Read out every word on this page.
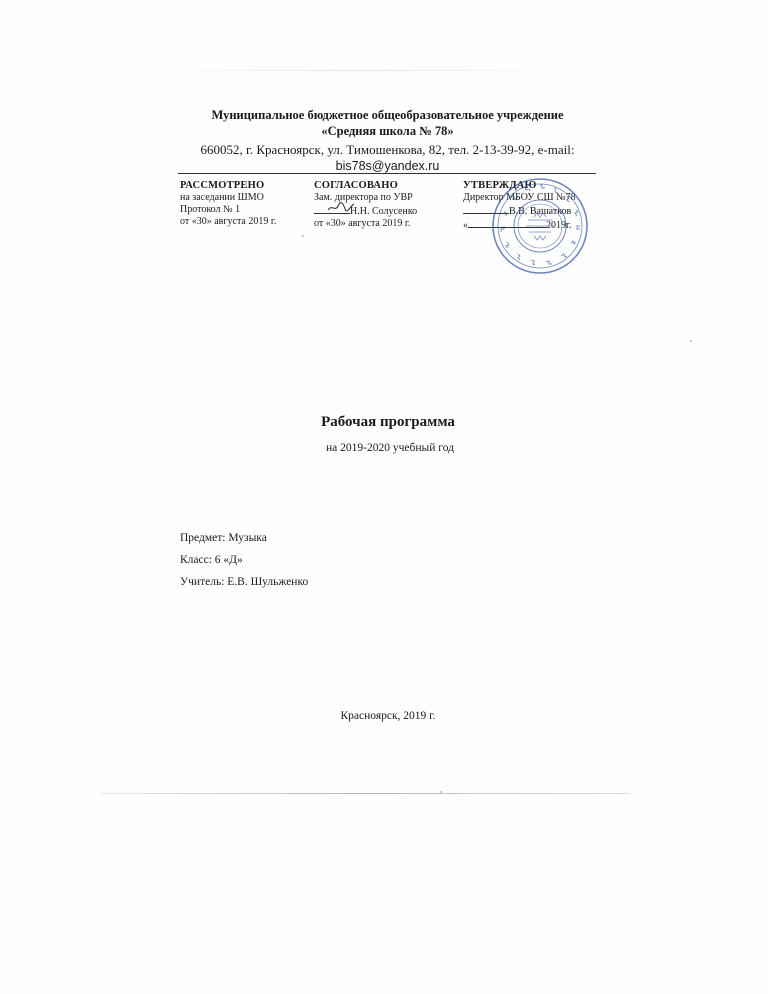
Муниципальное бюджетное общеобразовательное учреждение
«Средняя школа № 78»
660052, г. Красноярск, ул. Тимошенкова, 82, тел. 2-13-39-92, e-mail:
bis78s@yandex.ru
РАССМОТРЕНО
на заседании ШМО
Протокол № 1
от «30» августа 2019 г.
СОГЛАСОВАНО
Зам. директора по УВР
Н.Н. Солусенко
от «30» августа 2019 г.
УТВЕРЖДАЮ
Директор МБОУ СШ №78
В.В. Вашатков
«	2019г.
Рабочая программа
на 2019-2020 учебный год
Предмет: Музыка
Класс: 6 «Д»
Учитель: Е.В. Шульженко
Красноярск, 2019 г.
